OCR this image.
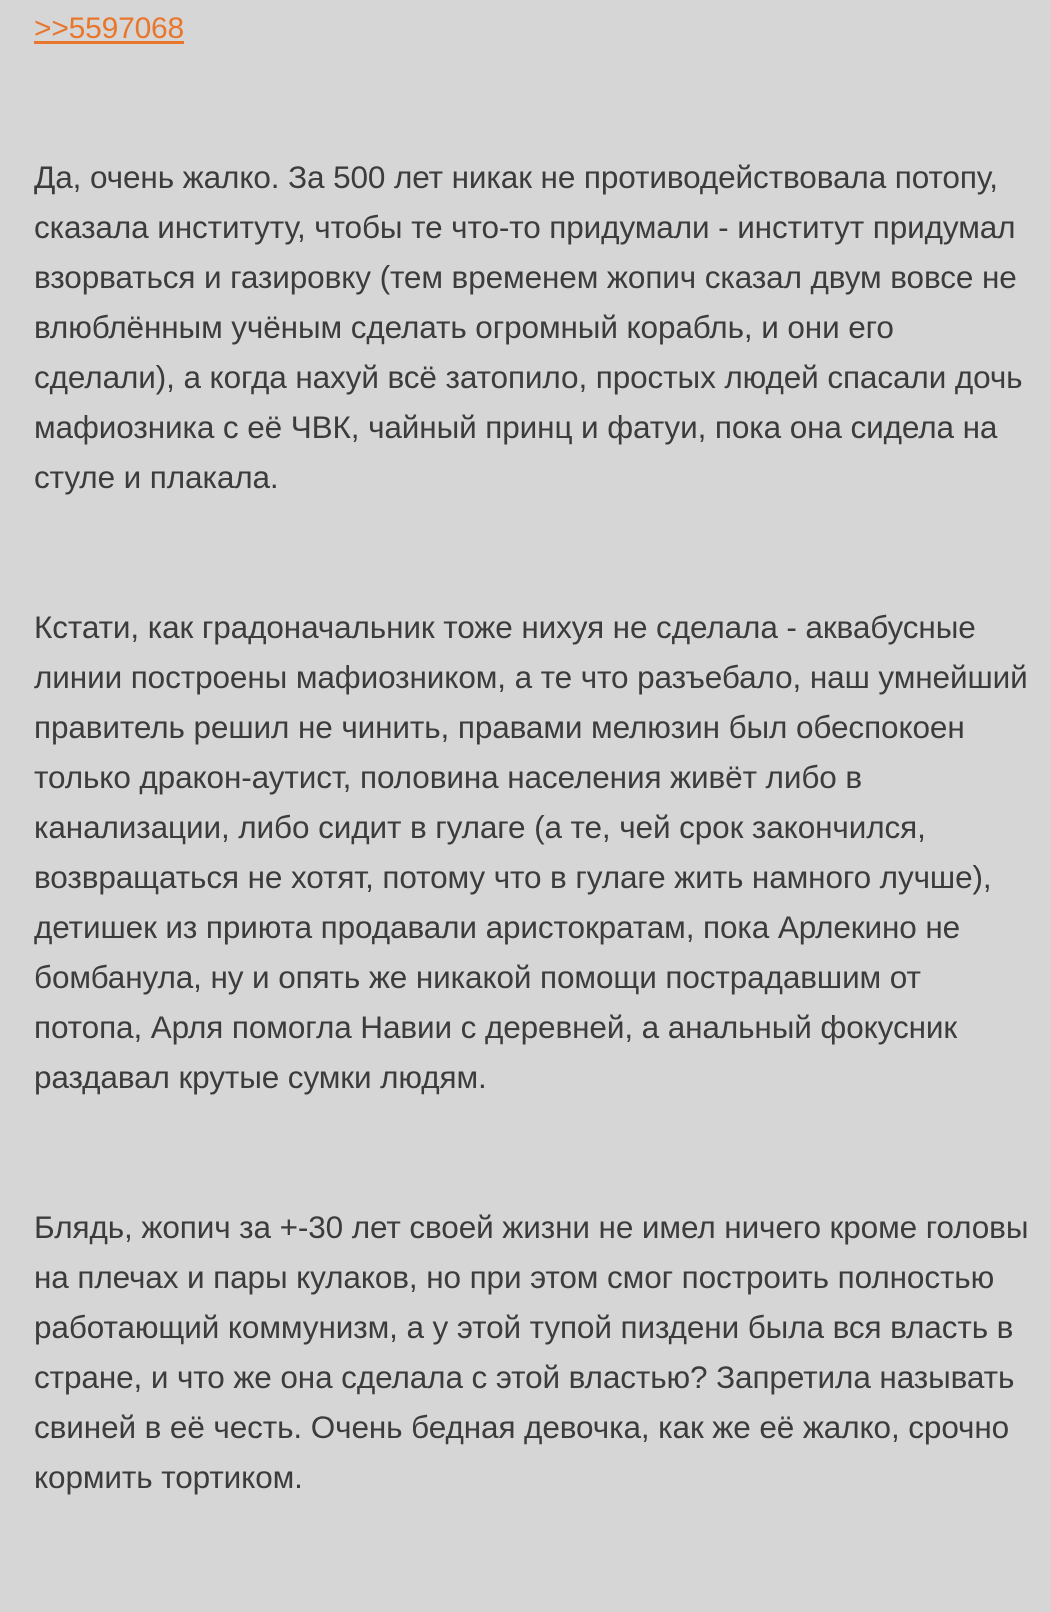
>>5597068

Да, очень жалко. За 500 лет никак не противодействовала потопу, сказала институту, чтобы те что-то придумали - институт придумал взорваться и газировку (тем временем жопич сказал двум вовсе не влюблённым учёным сделать огромный корабль, и они его сделали), а когда нахуй всё затопило, простых людей спасали дочь мафиозника с её ЧВК, чайный принц и фатуи, пока она сидела на стуле и плакала.

Кстати, как градоначальник тоже нихуя не сделала - аквабусные линии построены мафиозником, а те что разъебало, наш умнейший правитель решил не чинить, правами мелюзин был обеспокоен только дракон-аутист, половина населения живёт либо в канализации, либо сидит в гулаге (а те, чей срок закончился, возвращаться не хотят, потому что в гулаге жить намного лучше), детишек из приюта продавали аристократам, пока Арлекино не бомбанула, ну и опять же никакой помощи пострадавшим от потопа, Арля помогла Навии с деревней, а анальный фокусник раздавал крутые сумки людям.

Блядь, жопич за +-30 лет своей жизни не имел ничего кроме головы на плечах и пары кулаков, но при этом смог построить полностью работающий коммунизм, а у этой тупой пиздени была вся власть в стране, и что же она сделала с этой властью? Запретила называть свиней в её честь. Очень бедная девочка, как же её жалко, срочно кормить тортиком.
